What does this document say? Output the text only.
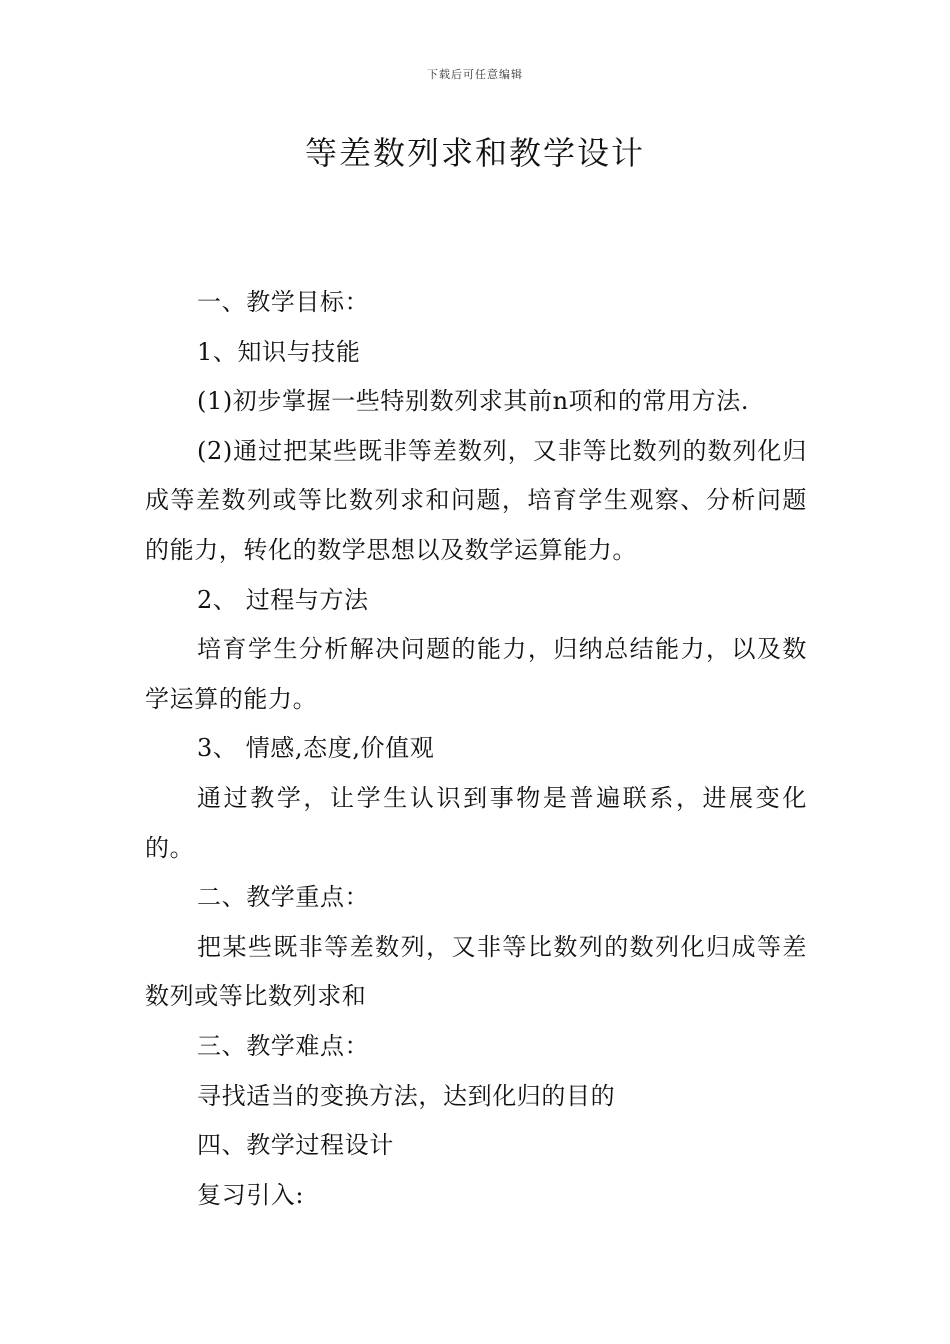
下载后可任意编辑
等差数列求和教学设计

一、教学目标：

1、知识与技能

(1)初步掌握一些特别数列求其前n项和的常用方法.

(2)通过把某些既非等差数列，又非等比数列的数列化归成等差数列或等比数列求和问题，培育学生观察、分析问题的能力，转化的数学思想以及数学运算能力。

2、 过程与方法

培育学生分析解决问题的能力，归纳总结能力，以及数学运算的能力。

3、 情感,态度,价值观

通过教学，让学生认识到事物是普遍联系，进展变化的。

二、教学重点：

把某些既非等差数列，又非等比数列的数列化归成等差数列或等比数列求和

三、教学难点：

寻找适当的变换方法，达到化归的目的

四、教学过程设计

复习引入:
